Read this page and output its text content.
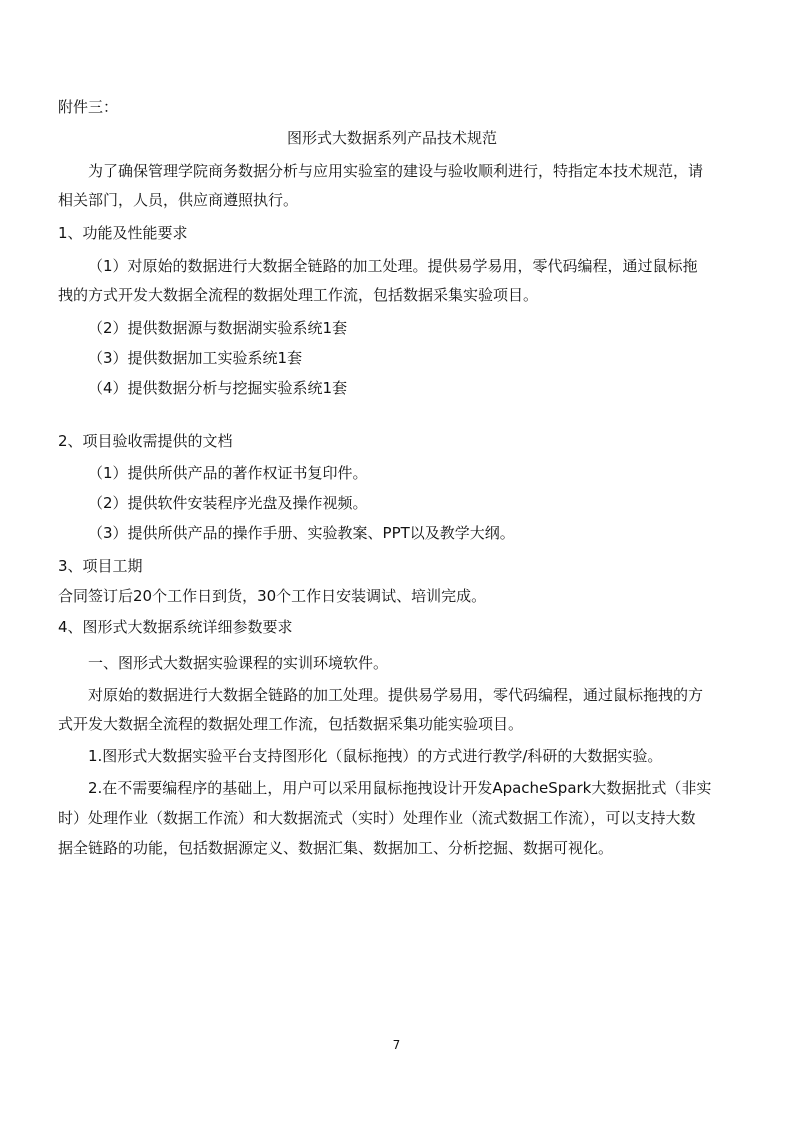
附件三：
图形式大数据系列产品技术规范
为了确保管理学院商务数据分析与应用实验室的建设与验收顺利进行，特指定本技术规范，请
相关部门，人员，供应商遵照执行。
1、功能及性能要求
（1）对原始的数据进行大数据全链路的加工处理。提供易学易用，零代码编程，通过鼠标拖
拽的方式开发大数据全流程的数据处理工作流，包括数据采集实验项目。
（2）提供数据源与数据湖实验系统1套
（3）提供数据加工实验系统1套
（4）提供数据分析与挖掘实验系统1套
2、项目验收需提供的文档
（1）提供所供产品的著作权证书复印件。
（2）提供软件安装程序光盘及操作视频。
（3）提供所供产品的操作手册、实验教案、PPT以及教学大纲。
3、项目工期
合同签订后20个工作日到货，30个工作日安装调试、培训完成。
4、图形式大数据系统详细参数要求
一、图形式大数据实验课程的实训环境软件。
对原始的数据进行大数据全链路的加工处理。提供易学易用，零代码编程，通过鼠标拖拽的方
式开发大数据全流程的数据处理工作流，包括数据采集功能实验项目。
1.图形式大数据实验平台支持图形化（鼠标拖拽）的方式进行教学/科研的大数据实验。
2.在不需要编程序的基础上，用户可以采用鼠标拖拽设计开发ApacheSpark大数据批式（非实
时）处理作业（数据工作流）和大数据流式（实时）处理作业（流式数据工作流），可以支持大数
据全链路的功能，包括数据源定义、数据汇集、数据加工、分析挖掘、数据可视化。
7
